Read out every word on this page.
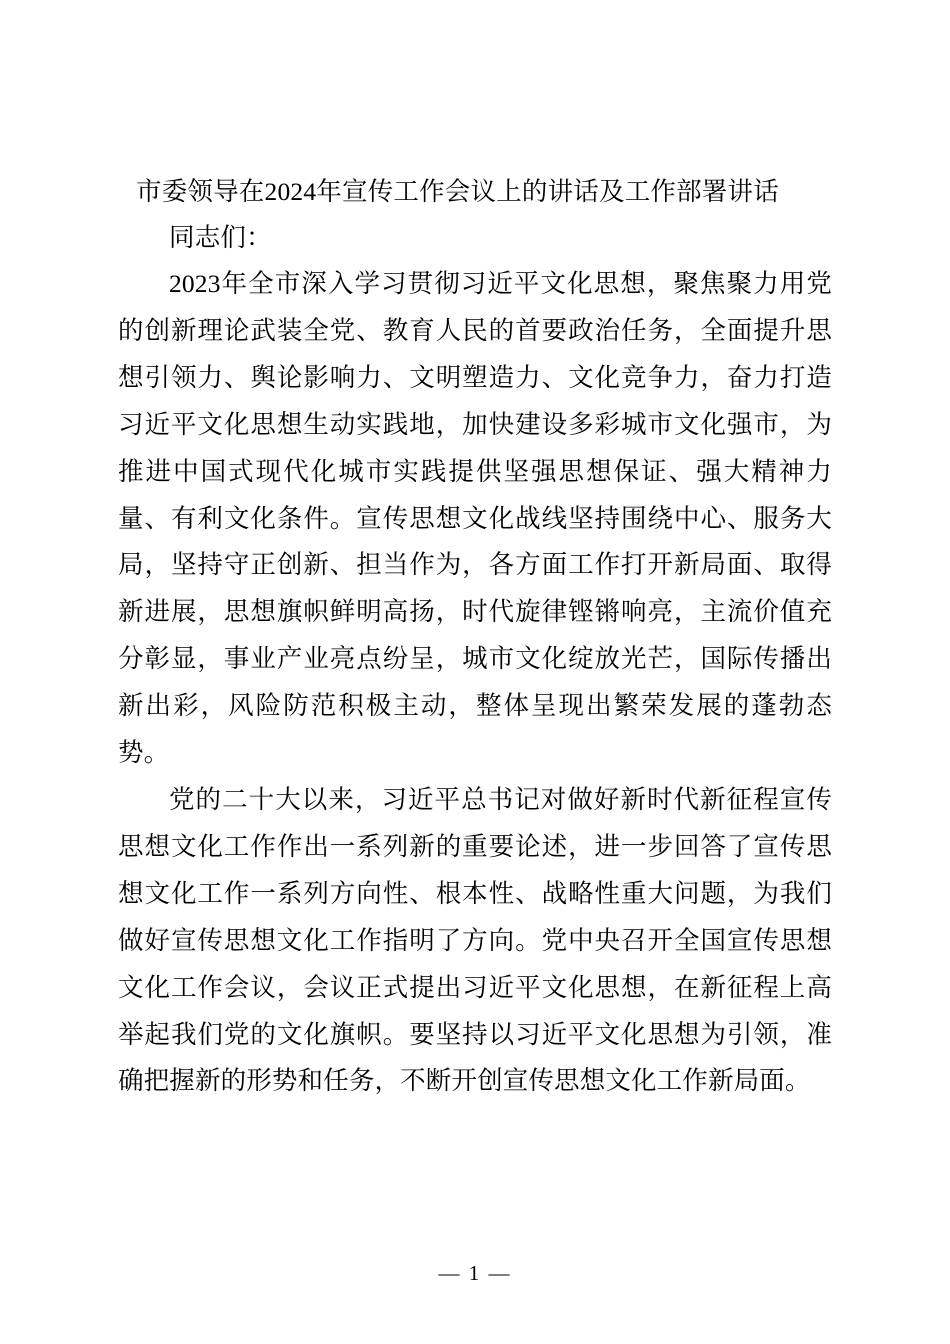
市委领导在2024年宣传工作会议上的讲话及工作部署讲话

同志们：

2023年全市深入学习贯彻习近平文化思想，聚焦聚力用党的创新理论武装全党、教育人民的首要政治任务，全面提升思想引领力、舆论影响力、文明塑造力、文化竞争力，奋力打造习近平文化思想生动实践地，加快建设多彩城市文化强市，为推进中国式现代化城市实践提供坚强思想保证、强大精神力量、有利文化条件。宣传思想文化战线坚持围绕中心、服务大局，坚持守正创新、担当作为，各方面工作打开新局面、取得新进展，思想旗帜鲜明高扬，时代旋律铿锵响亮，主流价值充分彰显，事业产业亮点纷呈，城市文化绽放光芒，国际传播出新出彩，风险防范积极主动，整体呈现出繁荣发展的蓬勃态势。

党的二十大以来，习近平总书记对做好新时代新征程宣传思想文化工作作出一系列新的重要论述，进一步回答了宣传思想文化工作一系列方向性、根本性、战略性重大问题，为我们做好宣传思想文化工作指明了方向。党中央召开全国宣传思想文化工作会议，会议正式提出习近平文化思想，在新征程上高举起我们党的文化旗帜。要坚持以习近平文化思想为引领，准确把握新的形势和任务，不断开创宣传思想文化工作新局面。

— 1 —
